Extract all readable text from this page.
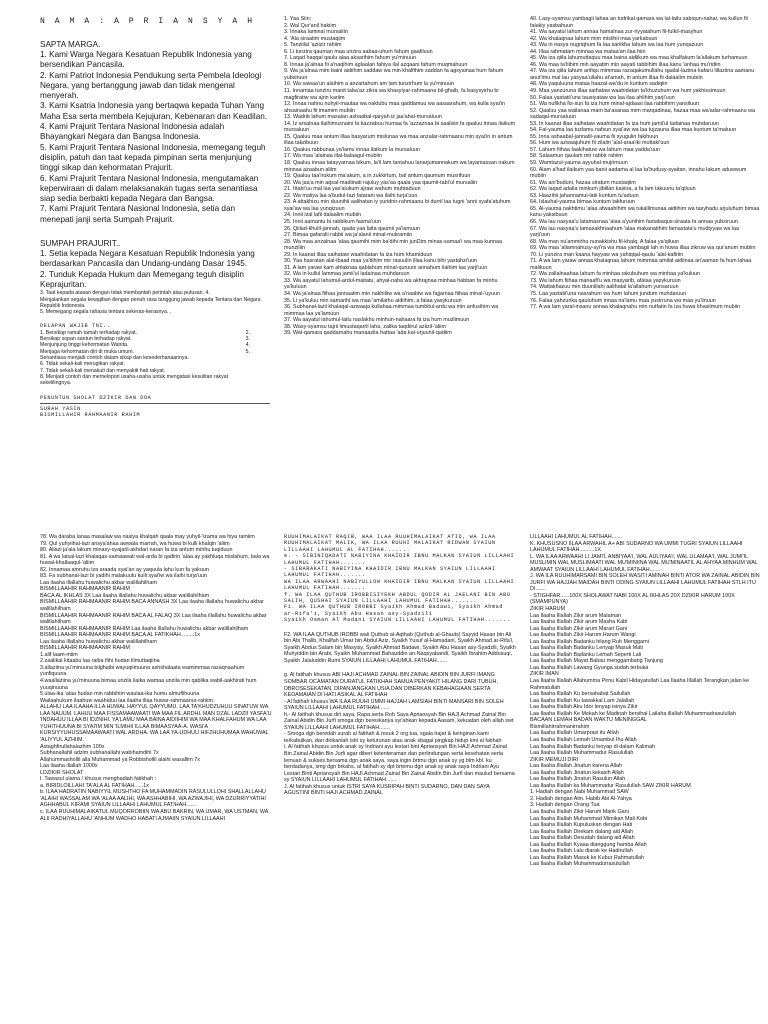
N A M A : A P R I A N S Y A H

SAPTA MARGA.

1. Kami Warga Negara Kesatuan Republik Indonesia yang bersendikan Pancasila.

2. Kami Patriot Indonesia Pendukung serta Pembela Ideologi Negara, yang bertanggung jawab dan tidak mengenal menyerah.

3. Kami Ksatria Indonesia yang bertaqwa kepada Tuhan Yang Maha Esa serta membela Kejujuran, Kebenaran dan Keadilan.

4. Kami Prajurit Tentara Nasional Indonesia adalah Bhayangkari Negara dan Bangsa Indonesia.

5. Kami Prajurit Tentara Nasional Indonesia, memegang teguh disiplin, patuh dan taat kepada pimpinan serta menjunjung tinggi sikap dan kehormatan Prajurit.

6. Kami Prajurit Tentara Nasional Indonesia, mengutamakan keperwiraan di dalam melaksanakan tugas serta senantiasa siap sedia berbakti kepada Negara dan Bangsa.

7. Kami Prajurit Tentara Nasional Indonesia, setia dan menepati janji serta Sumpah Prajurit.

SUMPAH PRAJURIT..

1. Setia kepada Negara Kesatuan Republik Indonesia yang berdasarkan Pancasila dan Undang-undang Dasar 1945.

2. Tunduk Kepada Hukum dan Memegang teguh disiplin Keprajuritan.

3. Taat kepada atasan dengan tidak membantah perintah atau putusan. 4.

Menjalankan segala kewajiban dengan penuh rasa tanggung jawab kepada Tentara dan Negara Republik Indonesia.

5. Memegang segala rahasia tentara sekeras-kerasnya. .

DELAPAN WAJIB TNI..

1. Bersikap ramah tamah terhadap rakyat.	2.
Bersikap sopan santun terhadap rakyat.	3.
Menjunjung tinggi kehormatan Wanita.	4.
Menjaga kehormatan diri di muka umum.	5.
Senantiasa menjadi contoh dalam sikap dan kesederhanaannya.
6. Tidak sekali-kali merugikan rakyat.
7. Tidak sekali-kali menakuti dan menyakiti hati rakyat.
8. Menjadi contoh dan memelopori usaha-usaha untuk mengatasi kesulitan rakyat sekelilingnya.

PENUNTUN SHOLAT DZIKIR DAN DOA

SURAH YASIN

BISMILLAHIR RAHMAANIR RAHIM

1. Yaa Siin;

2. Wal Qur'anil hakiim

3. Innaka laminal mursaliin

4. 'Ala siraatim mustaqiim

5. Tanziilal 'aziizir rahiim

6. Li tunzira qauman maa unzira aabaa-uhum fahum gaafiluun

7. Laqad haqqal qaulu alaa aksarihim fahum yu'minuun

8. Innaa ja'alnaa fii a'naqihim aglaalan fahiya ilal azqaani fahum muqmahuun

9. Wa ja'alnaa mim baini aidiihim saddaw wa min khalfihim saddan fa agsyainaa hum fahum yubsiruun

10. Wa sawaa'un alaihim a anzartahum am lam tunzirhum la yu'minuun

11. Innamaa tunziru manit taba'az zikra wa khasyiyar-rahmaana bil-ghaib, fa basysyirhu bi magfiratiw wa ajrin kariim

12. Innaa nahnu nuhyil-mautaa wa naktubu maa qaddamuu wa aasaarahum, wa kulla syai'in ahsainaahu fii imamim mubiin

13. Wadrib lahum masalan ashaabal-qaryah iz jaa'ahal-mursaluun

14. Iz arsalnaa ilaihimusnaini fa kazzabuu humaa fa 'azzaznaa bi saalisin fa qaaluu innaa ilaikum mursaluun

15. Qaaluu maa antum illaa basyarum mislunaa wa maa anzalar-rahmaanu min syai'in in antum illaa takzibuun

16. Qaaluu rabbunaa ya'lamu innaa ilaikum la mursaluun

17. Wa maa 'alainaa illal-balaagul-mubiin

18. Qaaluu innaa tatayyarnaa bikum, la'il lam tantahuu lanarjumannakum wa layamassan nakum minnaa azaabun aliim

19. Qaaluu taa'irukum ma'akum, a in zukkirtum, bal antum qaumum musrifuun

20. Wa jaa'a min aqsal-madiinati rajuluy yas'aa qaala yaa qaumit-tabi'ul mursaliin

21. Ittabi'uu mal laa yas'alukum ajraw wahum muhtaduun

22. Wa maliya laa a'budul-lazi fatarani wa ilaihi turja'uun

23. A attakhizu min duunihii aalihatan iy yuridnir-rahmaanu bi durril laa tugni 'anni syafa'atuhum syai'aw wa laa yunqizuun

24. Innii izal lafii dalaalim mubiin

25. Innii aamantu bi rabbikum fasma'uun

26. Qiilad-khulil-jannah, qaala yaa laita qaumii ya'lamuun

27. Bimaa gafaralii rabbii wa ja'alanii minal-mukramiin

28. Wa maa anzalnaa 'alaa qaumihi mim ba'dihi min junDim minas-samaa'i wa maa kunnaa munziliin

29. In kaanat illaa saihataw waahidatan fa iza hum khamiduun

30. Yaa hasratan alal-ibaad maa ya'tiihim mir rasuulin illaa kanu bihi yastahzi'uun

31. A lam yaraw kam ahlaknaa qablahum minal-quruuni annahum ilaihim laa yarji'uun

32. Wa in kullul lammaa jamii'ul ladainaa muhdaruun

33. Wa aayatul lahumul-ardul-maitatu, ahyai-naha wa akhrajnaa minhaa habban fa minhu ya'kuluun

34. Wa ja'alnaa fiihaa jannaatim min nakhiiliw wa a'naabiw wa fajjarnaa fiihaa minal-'uyuun

35. Li ya'kuluu min samarihi wa maa 'amilathu aidiihim, a falaa yasykuruun

36. Subhanal-lazii khalaqal-azwaaja kullahaa mimmaa tumbitul-ardu wa min anfusihim wa mimmaa laa ya'lamuun

37. Wa aayatul lahumul-lailu naslakhu minhun-nahaara fa iza hum muzlimuun

38. Wasy-syamsu tajrii limustaqarril laha, zalika taqdiirul aziizil-'aliim

39. Wal-qamara qaddarnahu manaazila hattaa 'ada kal-urjuunil-qadiim

40. Lasy-syamsu yambagii lahaa an tudrikal qamara wa lal-lailu sabiqun-nahar, wa kullun fii falakiy yasbahuun

41. Wa aayatul lahum annaa hamalnaa zur-riyyatahum fil-fulkil-masyhun

42. Wa khalaqnaa lahum mim mislihii maa yarkabuun

43. Wa in nasya nugriqhum fa laa sariikha lahum wa laa hum yunqazuun

44. Illaa rahmatam minnaa wa mataa'an ilaa hiin

45. Wa iza qiila lahumuttaquu maa baina aidiikum wa maa khalfakum la'allakum turhamuun

46. Wa maa ta'tiihim min aayatim min aayati rabbihim illaa kanu 'anhaa mu'ridiin

47. Wa iza qiila lahum anfiqu mimmaa razaqakumullahu qaalal-laziina kafaru lillaziina aamanu anut'imu mal lau yasyaa'ullahu at'amah, in antum illaa fii dalaalim mubiin

48. Wa yaquluuna mataa haazal-wa'du in kuntum sadiqiin

49. Maa yanzuruna illaa saihataw waahidatan ta'khuzuhum wa hum yakhissimuun

50. Falaa yastatii'una tausiyataw wa laa ilaa ahlihim yarji'uun

51. Wa nufikha fis-suri fa iza hum minal-ajdaasi ilaa rabbihim yansiluun

52. Qaaluu yaa wailanaa mam ba'asanaa mim marqadinaa, hazaa maa wa'adar-rahmaanu wa sadaqal-mursaluun

53. In kaanat illaa saihataw waahidatan fa iza hum jamii'ul ladainaa muhdaruun

54. Fal-yauma laa tuzlamu nafsun syai'aw wa laa tujzauna illaa maa kuntum ta'maluun

55. Inna ashaabal-jannatil-yauma fii syugulin fakihuun

56. Hum wa azwaajuhum fii zilalin 'alal-araa'iki muttaki'uun

57. Lahum fiihaa faakihatuw wa lahum maa yadda'uun

58. Salaamun qaulam mir rabbir rahiim

59. Wamtazul-yauma ayyuhal-mujrimuun

60. Alam a'had ilaikum yaa banii aadama al laa ta'budusy-syaitan, innahu lakum aduwwum mubiin

61. Wa ani'buduni, hazaa siratum mustaqiim

62. Wa laqad adalla minkum jibillan kasiira, a fa lam takuunu ta'qiluun

63. Haazihii jahannamul-latii kuntum tu'aduun

64. Islauhal-yauma bimaa kuntum takfuruun

65. Al-yauma nakhtimu 'alaa afwaahihim wa tukallimunaa aidiihim wa tasyhadu arjuluhum bimaa kanu yaksibuun

66. Wa lau nasyaa'u latamasnaa 'alaa a'yunihim fastabaqus-siraata fa annaa yubsiruun

67. Wa lau nasyaa'u lamasakhnaahum 'alaa makanatihim famastata'u mudiyyaw wa laa yarji'uun

68. Wa man nu'ammirhu nunakkishu fil-khalq. A falaa ya'qiluun

69. Wa maa 'allamnahusy-syi'ra wa maa yambagii lah in huwa illaa zikruw wa qur'anum mubiin

70. Li yunzira man kaana hayyaw wa yahiqqal-qaulu 'alal-kafiriin

71. A wa lam yaraw annaa khalaqnaa lahum mimmaa amilat aidiinaa an'aaman fa hum lahaa malikuun

72. Wa zallalnaahaa lahum fa minhaa rakubuhum wa minhaa ya'kuluun

73. Wa lahum fiihaa manaafi'u wa masyarib, afalaa yasykuruun

74. Wattakhazuu min duunillahi aalihatal la'allahum yunsaruun

75. Laa yastatii'una nasrahum wa hum lahum jundum muhdaruun

76. Falaa yahzunka qauluhum innaa na'lamu maa yusirruna wa maa yu'linuun

77. A wa lam yaral-insanu annaa khalaqnahu min nutfatin fa iza huwa khasiimum mubiin

78. Wa daraba lanaa masalaw wa nasiya khalqah qaala may yuhyil-'izama wa hiya ramiim

79. Qul yuhyiihal-lazi ansya'ahaa awwala marrah, wa huwa bi kulli khalqin 'aliim

80. Allazi ja'ala lakum minasy-syajaril-akhdari naran fa iza antum minhu tuqiduun

81. A wa laisal-lazi khalaqas-samaawati wal-arda bi qadirin 'alaa ay yakhluqa mislahum, bala wa huwal-khallaaqul-'aliim

82. Innamaa amruhu iza araada syai'an ay yaquula lahu kun fa yakuun

83. Fa subhanal-lazi bi yadihi malakuutu kulli syai'iw wa ilaihi turja'uun

Laa ilaaha illallahu huwalichu akbar walillahilham

BISMILLAAHIR RAHMAANIR RAHIM

BACA AL IKHLAS 3X Laa ilaaha illallahu huwalichu akbar walillahilham

BISMILLAAHIR RAHMAANIR RAHIM BACA ANNASH 3X Laa ilaaha illallahu huwalichu akbar walillahilham

BISMILLAAHIR RAHMAANIR RAHIM BACA AL FALAQ 3X Laa ilaaha illallahu huwalichu akbar walillahilham

BISMILLAAHIR RAHMAANIR RAHIM Laa ilaaha illallahu huwalichu akbar walillahilham

BISMILLAAHIR RAHMAANIR RAHIM BACA AL FATIKHAH.........1x

Laa ilaaha illallahu huwalichu akbar walillahilham

BISMILLAAHIR RAHMAANIR RAHIM

1.alif laam-miim

2.zaalikal kitaabu laa raiba fiihi hudan lilmuttaqiina

3.allaziina yu'minuuna bilghaibi wayuqiimuuna ashshalaata wamimmaa razaqnaahum yunfiquuna

4.waallaziina yu'minuuna bimaa unzila ilaika wamaa unzila min qablika wabil-aakhirati hum yuuqinuuna

5.ulaa-ika 'alaa hudan min rabbihim waulaa-ika humu almuflihuuna

Wailaahukum ilaahuw waahiduu laa ilaaha illaa huwar-rahmaanur-rahiim.

ALLAHU LAA ILAAHA ILLA HUWAL HAYYUL QAYYUMU. LAA TA'KHUDZUHUU SINATUW WA LAA NAUUM. LAHUU MAA FISSAMAAWAATI WA MAA FIL ARDHI. MAN DZAL LADZII YASFA'U 'INDAHUU ILLAA BI IDZNIHI. YA'LAMU MAA BAINA AIDIIHIM WA MAA KHALFAHUM WA LAA YUHITHUUNA BI SYAI'IM MIN 'ILMIHII ILLAA BIMAASYAA-A. WASI'A KURSIYYUHUSSAMAAWAATI WAL ARDHA. WA LAA YA-UDHUU HIFZHUHUMAA WAHUWAL 'ALIYYUL AZHIIM.

Astaghfirullahalazhim 100x

Subhanallahil adzim subhanallahi wabihamdihi 7x

Allahummashollil alla Muhammad ya Robbishollil alaihi wasallim 7x

Laa ilaaha illallah 1000x

LDZIKIR SHOLAT

I. Tawasul ulama / khusus menghadiah fatikhah :

a. BIRIDLOILLAHI TA'ALA AL FATIHAH......1x

b. ILAA HADRATIN NABIYYIL MUSHTHO FA MUHAMMADIN RASULULLOHI SHALLALLAHU 'ALAIHI WASSALAM WA 'ALAA AALIHI, WA ASHHABIHI, WA AZWAJIHI, WA DZURRIYYATIHI AGHHABUL KIRAMI SYAIUN LILLAAHI LAHUMUL FATIHAH.......

c. ILAA RUUHIMALAIKATUL MUQORROBIIN WA ABU BAKRIN, WA UMAR, WA USTMAN, WA ALII RADHIYALLAHU 'ANHUM WADHO HABATI AJMAIIN SYAIUN LILLAAHI

RUUHIMALAIKAT RAQIB, WAA ILAA RUUHIMALAIKAT ATID, WA ILAA RUUHIMALAIKAT MALIK, WA ILAA RUUHI MALAIKAT RIDWAN SYAIUN LILLAAHI LAHUMUL AL FATIHAH.......

e. - SIBINIQADATI NABIYINA KHAIDIR IBNU MALKAN SYAIUN LILLAAHI LAHUMUL FATIHAH.......

- SIBARAKATI NABIYINA KHAIDIR IBNU MALKAN SYAIUN LILLAAHI LAHUMUL FATIHAH.......

WA ILAA ARWAAHI NABIYULLOH KHAIDIR IBNU MALKAN SYAIUN LILLAAHI LAHUMUL FATIHAH.......

f. WA ILAA QUTHUB IROBBISIYEKH ABDUL QODIR AL JAELANI BIN ABU SALIH, QUSHAI SYAIUN LILLAAHI LAHUMUL FATIHAH.......

F1. WA ILAA QUTHUB IROBBI Syaikh Ahmad Badawi, Syaikh Ahmad ar-Rifa'i, Syaikh Abu Hasan asy-Syadzili

Syaikh Osman Al Madani SYAIUN LILLAAHI LAHUMUL FATIHAH.......

F2. WA ILAA QUTHUB IROBBI wali Quthub al-Aqthab (Quthub al-Ghauts) Sayyid Hasan bin Ali bin Abi Thalib, Khalifah Umar bin Abdul Aziz, Syaikh Yusuf al-Hamadani, Syaikh Ahmad ar-Rifa'i, Syaikh Abdus Salam bin Masyisy, Syaikh Ahmad Badawi, Syaikh Abu Hasan asy-Syadzili, Syaikh Muhyiddin bin Arabi, Syaikh Muhammad Bahauddin an-Naqsyabandi, Syaikh Ibrahim Addusuqi, Syaikh Jalaluddin Rumi SYAIUN LILLAAHI LAHUMUL FATIHAH.......

g. Al fatihah khusus ABI HAJI ACHMAD ZAINAL BIN ZAINAL ABIDIN BIN JURFI IMANG SOMBAR OCAMATAN DURATUL FATIKHAH SAMUA PENYAKIT HILANG DARI TUBUH, DBROSESEKATAN, DIPANJANGKAN USIA DAN DIBERKAN KEBAHAGIAAN SERTA KEDAMAIAN DI HATI ASIKAL AL FATIHAH

- Al fatihah khusus WA ILAA RUUHI UMMI HAJJAH LAMSIAH BINTI MANSARI BIN SOLEH SYAIUN LILLAAHI LAHUMUL FATIHAH.......

h.- Al fatihah khusus diri saya, Rapa serta Roh Saya Apriansyah Bin HAJI Achmad Zainal Bin Zainal Abidin Bin Jurfi smoga dgn bereskanya syi'ahkan kepada Aasam, kekuatan oleh allah swt SYAIUN LILLAAHI LAHUMUL FATIHAH.......

- Smoga dgn beredah surah al fatihah & resuk 2 org tua, sgala hajat & keinginan kami terkabulkan, dan dirikanlah istri sy keturunan atau anak sbagai pingkap hidup kmi al fatihah

i. Al fatihah khusus untuk anak sy Indriani ayu lestari bint Apriansyah Bin HAJI Achmad Zainal Bin Zainal Abidin Bin Jurfi agar diberi ketenteraman dan perlindungan serta kesehatan serta lemuan & sukses bersama dgn anak saya, saya ingin brtmu dgn anak sy yg blm kbl. ku berdadanya, smg dgn brkahs. al fatihah sy dpt brtemu dgn anak sy anak saya Indriani Ayu Lestari Binti Apriansyah Bin HAJI Achmad Zainal Bin Zainal Abidin Bin Jurfi dan maulud bersama sy SYAIUN LILLAAHI LAHUMUL FATIHAH.......

J. Al fatihah khusus untuk ISTRI SAYA KUSRIPAH BINTI SUDARNO, DAN DAN SAYA AGUSTINI BINTI HAJI ACHMAD ZAINAL

LILLAAHI LAHUMUL AL FATIHAH.......

K. KHUSUSNO IILAA ARWAHIL A+ ABI SUDARNO WA UMMI TUGRI SYAIUN LILLAAHI LAHUMUL FATIHAH..........1X

L. WA ILAA ARWAAHI LI JAMI'L ANBIYAA'I, WAL AULIYAA'I, WAL ULAMAA'I, WAL JUMI'IL MUSLIMIN WAL MUSLIMAATI WAL MU'MINIINA WAL MU'MINAATIL AL AHYAA MINHUM WAL AMWAAT SYAIUN LILLAAHI LAHUMUL FATIHAH.......

J. WA ILA RUUHIMARSAMI BIN SOLEH WASITI AMINAH BINTI ATOR WA ZAINAL ABIDIN BIN JURFI WA HAJJAH MAIDAH BINTI ODING SYAIUN LILLAAHI LAHUMUL FATIHAH STLH ITU DI.......

- STIGHFAR......100X SHOLAWAT NABI 100X AL IKHLAS 20X DZIKIR HARUM 100X (SMAMPUNYA)

ZIKIR HARUM

Laa Ilaaha Illallah Zikir arum Malaman

Laa Ilaaha Illallah Zikir arum Masha Kabi

Laa Ilaaha Illallah Zikir arum Marari Gani

Laa Ilaaha Illallah Zikir Harum Harum Wangi

Laa Ilaaha Illallah Badanku hilang Ruh Menggarni

Laa Ilaaha Illallah Badanku Lenyap Masuk Mati

Laa Ilaaha Illallah Badanku Lemah Seperti Lali

Laa Ilaaha Illallah Mayat Babau menggambang Tanjung

Laa Ilaaha Illallah Lawang Gyunga sudah terbuka

ZIKIR IMAN

Laa Ilaaha Illallah Allahumma Pirnu Kabil Hidayatullah Laa Ilaaha Illallah Terangkan jalan ke Rahmatullah

Laa Ilaaha Illallah Ku bersahabat Sailullah

Laa Ilaaha Illallah Ku tawakkal Lam Jalallah

Laa Ilaaha Illallah Aku Idor lenyap isinya Zikir

Laa Ilaaha Illallah Ke Mekah ke Madinah bersihal Lailaha illallah Muhammadrasulullah

BACAAN LEMAH BADAN WAKTU MENINGGAL

Bismillahirrahmanirrahim

Laa Ilaaha Illallah Umarprasi itu Allah

Laa Ilaaha Illallah Lemah Umambul Ihu Allah

Laa Ilaaha Illallah Badanku lenyap di dalam Kalimah

Laa Ilaaha Illallah Muhammadur Rasulullah

ZIKIR MEMUJI DIRI

Laa Ilaaha Illallah Jinatun karena Allah

Laa Ilaaha Illallah Jinatun kekasih Allah

Laa Ilaaha Illallah Jinatun Rasulun Allah

Laa Ilaaha Illallah ka Muhammadur Rasulullah SAW ZIKIR HARUM

1. Hadiah dengan Nabi Muhammad SAW

2. Hadiah dengan Alm. Habib Abi Al-Yahya

3. Hadiah dengan Orang Tua

Laa Ilaaha Illallah Zikir Harum Marik Gani

Laa Ilaaha Illallah Muhammad Mimikan Mali Kobi

Laa Ilaaha Illallah Kupuluskan dengan Hati

Laa Ilaaha Illallah Direkam dalang aid Allah

Laa Ilaaha Illallah Desudah dalang aid Allah

Laa Ilaaha Illallah Kyaaa dianggung hamba Allah

Laa Ilaaha Illallah Lalu diarak ke Hadirullah

Laa Ilaaha Illallah Masuk ke Kubur Rahmatullah

Laa Ilaaha Illallah Muhammadurrasulullah
